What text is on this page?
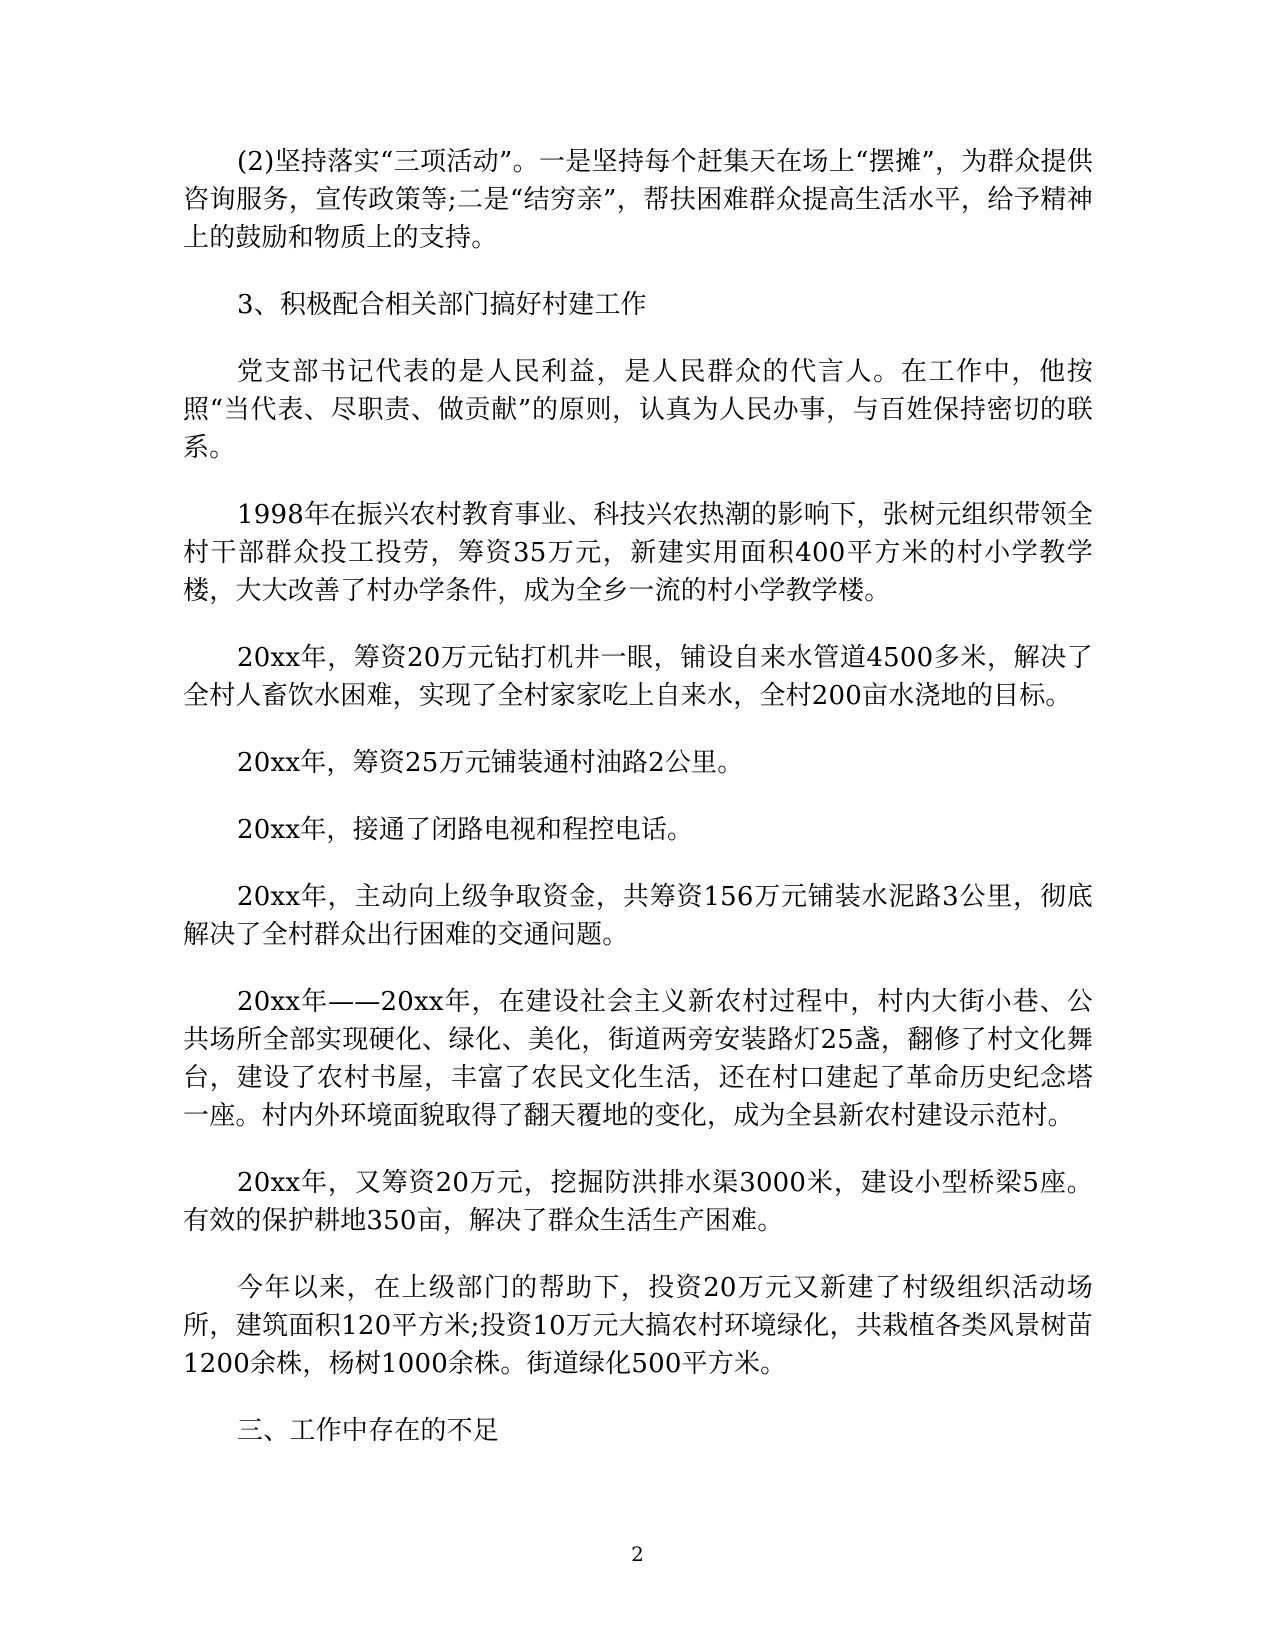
(2)坚持落实“三项活动”。一是坚持每个赶集天在场上“摆摊”，为群众提供咨询服务，宣传政策等;二是“结穷亲”，帮扶困难群众提高生活水平，给予精神上的鼓励和物质上的支持。

3、积极配合相关部门搞好村建工作

党支部书记代表的是人民利益，是人民群众的代言人。在工作中，他按照“当代表、尽职责、做贡献”的原则，认真为人民办事，与百姓保持密切的联系。

1998年在振兴农村教育事业、科技兴农热潮的影响下，张树元组织带领全村干部群众投工投劳，筹资35万元，新建实用面积400平方米的村小学教学楼，大大改善了村办学条件，成为全乡一流的村小学教学楼。

20xx年，筹资20万元钻打机井一眼，铺设自来水管道4500多米，解决了全村人畜饮水困难，实现了全村家家吃上自来水，全村200亩水浇地的目标。

20xx年，筹资25万元铺装通村油路2公里。

20xx年，接通了闭路电视和程控电话。

20xx年，主动向上级争取资金，共筹资156万元铺装水泥路3公里，彻底解决了全村群众出行困难的交通问题。

20xx年——20xx年，在建设社会主义新农村过程中，村内大街小巷、公共场所全部实现硬化、绿化、美化，街道两旁安装路灯25盏，翻修了村文化舞台，建设了农村书屋，丰富了农民文化生活，还在村口建起了革命历史纪念塔一座。村内外环境面貌取得了翻天覆地的变化，成为全县新农村建设示范村。

20xx年，又筹资20万元，挖掘防洪排水渠3000米，建设小型桥梁5座。有效的保护耕地350亩，解决了群众生活生产困难。

今年以来，在上级部门的帮助下，投资20万元又新建了村级组织活动场所，建筑面积120平方米;投资10万元大搞农村环境绿化，共栽植各类风景树苗1200余株，杨树1000余株。街道绿化500平方米。

三、工作中存在的不足

2
